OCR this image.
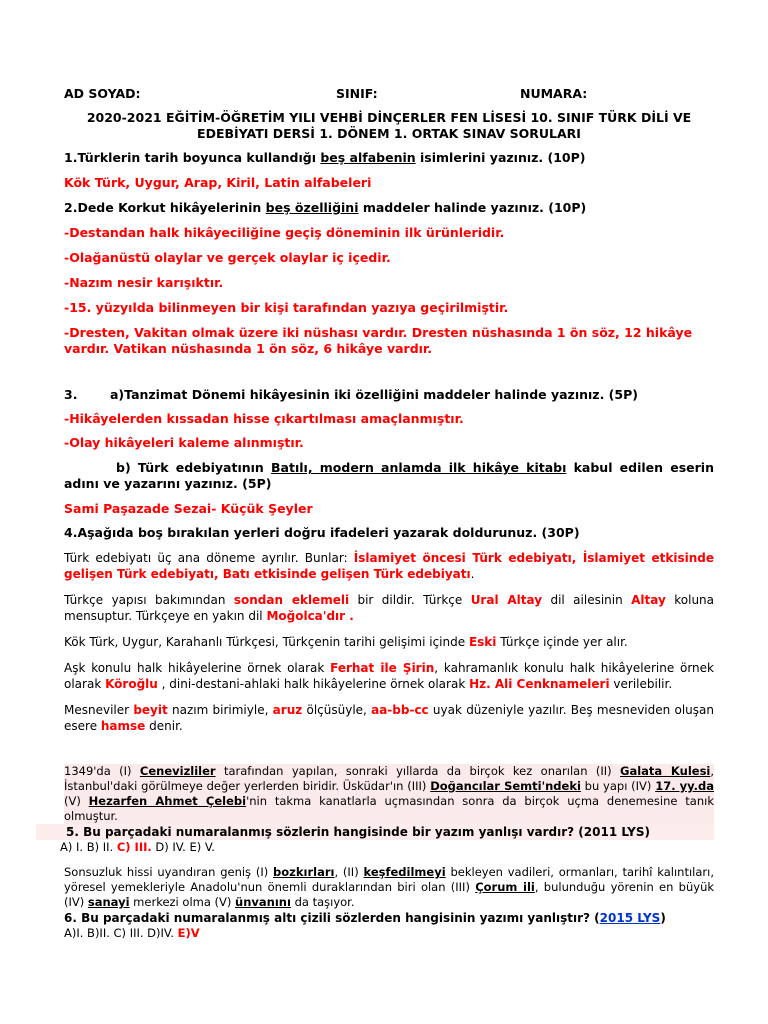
AD SOYAD:	SINIF:	NUMARA:
2020-2021 EĞİTİM-ÖĞRETİM YILI VEHBİ DİNÇERLER FEN LİSESİ 10. SINIF TÜRK DİLİ VE EDEBİYATI DERSİ 1. DÖNEM 1. ORTAK SINAV SORULARI
1.Türklerin tarih boyunca kullandığı beş alfabenin isimlerini yazınız. (10P)
Kök Türk, Uygur, Arap, Kiril, Latin alfabeleri
2.Dede Korkut hikâyelerinin beş özelliğini maddeler halinde yazınız. (10P)
-Destandan halk hikâyeciliğine geçiş döneminin ilk ürünleridir.
-Olağanüstü olaylar ve gerçek olaylar iç içedir.
-Nazım nesir karışıktır.
-15. yüzyılda bilinmeyen bir kişi tarafından yazıya geçirilmiştir.
-Dresten, Vakitan olmak üzere iki nüshası vardır. Dresten nüshasında 1 ön söz, 12 hikâye vardır. Vatikan nüshasında 1 ön söz, 6 hikâye vardır.
3.	a)Tanzimat Dönemi hikâyesinin iki özelliğini maddeler halinde yazınız. (5P)
-Hikâyelerden kıssadan hisse çıkartılması amaçlanmıştır.
-Olay hikâyeleri kaleme alınmıştır.
b) Türk edebiyatının Batılı, modern anlamda ilk hikâye kitabı kabul edilen eserin adını ve yazarını yazınız. (5P)
Sami Paşazade Sezai- Küçük Şeyler
4.Aşağıda boş bırakılan yerleri doğru ifadeleri yazarak doldurunuz. (30P)
Türk edebiyatı üç ana döneme ayrılır. Bunlar: İslamiyet öncesi Türk edebiyatı, İslamiyet etkisinde gelişen Türk edebiyatı, Batı etkisinde gelişen Türk edebiyatı.
Türkçe yapısı bakımından sondan eklemeli bir dildir. Türkçe Ural Altay dil ailesinin Altay koluna mensuptur. Türkçeye en yakın dil Moğolca'dır .
Kök Türk, Uygur, Karahanlı Türkçesi, Türkçenin tarihi gelişimi içinde Eski Türkçe içinde yer alır.
Aşk konulu halk hikâyelerine örnek olarak Ferhat ile Şirin, kahramanlık konulu halk hikâyelerine örnek olarak Köroğlu , dini-destani-ahlaki halk hikâyelerine örnek olarak Hz. Ali Cenknameleri verilebilir.
Mesneviler beyit nazım birimiyle, aruz ölçüsüyle, aa-bb-cc uyak düzeniyle yazılır. Beş mesneviden oluşan esere hamse denir.
1349'da (I) Cenevizliler tarafından yapılan, sonraki yıllarda da birçok kez onarılan (II) Galata Kulesi, İstanbul'daki görülmeye değer yerlerden biridir. Üsküdar'ın (III) Doğancılar Semti'ndeki bu yapı (IV) 17. yy.da (V) Hezarfen Ahmet Çelebi'nin takma kanatlarla uçmasından sonra da birçok uçma denemesine tanık olmuştur.
5. Bu parçadaki numaralanmış sözlerin hangisinde bir yazım yanlışı vardır? (2011 LYS)
A) I. B) II. C) III. D) IV. E) V.
Sonsuzluk hissi uyandıran geniş (I) bozkırları, (II) keşfedilmeyi bekleyen vadileri, ormanları, tarihî kalıntıları, yöresel yemekleriyle Anadolu'nun önemli duraklarından biri olan (III) Çorum ili, bulunduğu yörenin en büyük (IV) sanayi merkezi olma (V) ünvanını da taşıyor.
6. Bu parçadaki numaralanmış altı çizili sözlerden hangisinin yazımı yanlıştır? (2015 LYS)
A)I. B)II. C) III. D)IV. E)V
